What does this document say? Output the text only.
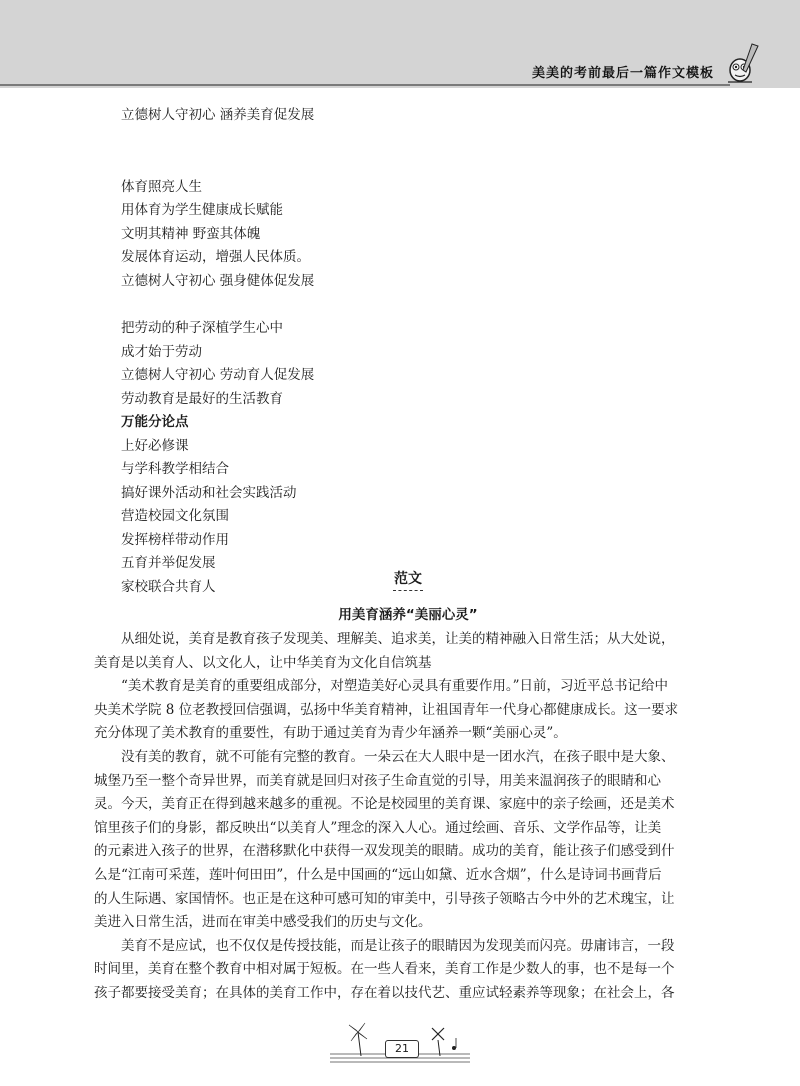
美美的考前最后一篇作文模板
立德树人守初心 涵养美育促发展
体育照亮人生
用体育为学生健康成长赋能
文明其精神 野蛮其体魄
发展体育运动，增强人民体质。
立德树人守初心 强身健体促发展
把劳动的种子深植学生心中
成才始于劳动
立德树人守初心 劳动育人促发展
劳动教育是最好的生活教育
万能分论点
上好必修课
与学科教学相结合
搞好课外活动和社会实践活动
营造校园文化氛围
发挥榜样带动作用
五育并举促发展
家校联合共育人	范文
用美育涵养“美丽心灵”
从细处说，美育是教育孩子发现美、理解美、追求美，让美的精神融入日常生活；从大处说，
美育是以美育人、以文化人，让中华美育为文化自信筑基
“美术教育是美育的重要组成部分，对塑造美好心灵具有重要作用。”日前，习近平总书记给中
央美术学院 8 位老教授回信强调，弘扬中华美育精神，让祖国青年一代身心都健康成长。这一要求
充分体现了美术教育的重要性，有助于通过美育为青少年涵养一颗“美丽心灵”。
没有美的教育，就不可能有完整的教育。一朵云在大人眼中是一团水汽，在孩子眼中是大象、
城堡乃至一整个奇异世界，而美育就是回归对孩子生命直觉的引导，用美来温润孩子的眼睛和心
灵。今天，美育正在得到越来越多的重视。不论是校园里的美育课、家庭中的亲子绘画，还是美术
馆里孩子们的身影，都反映出“以美育人”理念的深入人心。通过绘画、音乐、文学作品等，让美
的元素进入孩子的世界，在潜移默化中获得一双发现美的眼睛。成功的美育，能让孩子们感受到什
么是“江南可采莲，莲叶何田田”，什么是中国画的“远山如黛、近水含烟”，什么是诗词书画背后
的人生际遇、家国情怀。也正是在这种可感可知的审美中，引导孩子领略古今中外的艺术瑰宝，让
美进入日常生活，进而在审美中感受我们的历史与文化。
美育不是应试，也不仅仅是传授技能，而是让孩子的眼睛因为发现美而闪亮。毋庸讳言，一段
时间里，美育在整个教育中相对属于短板。在一些人看来，美育工作是少数人的事，也不是每一个
孩子都要接受美育；在具体的美育工作中，存在着以技代艺、重应试轻素养等现象；在社会上，各
21
